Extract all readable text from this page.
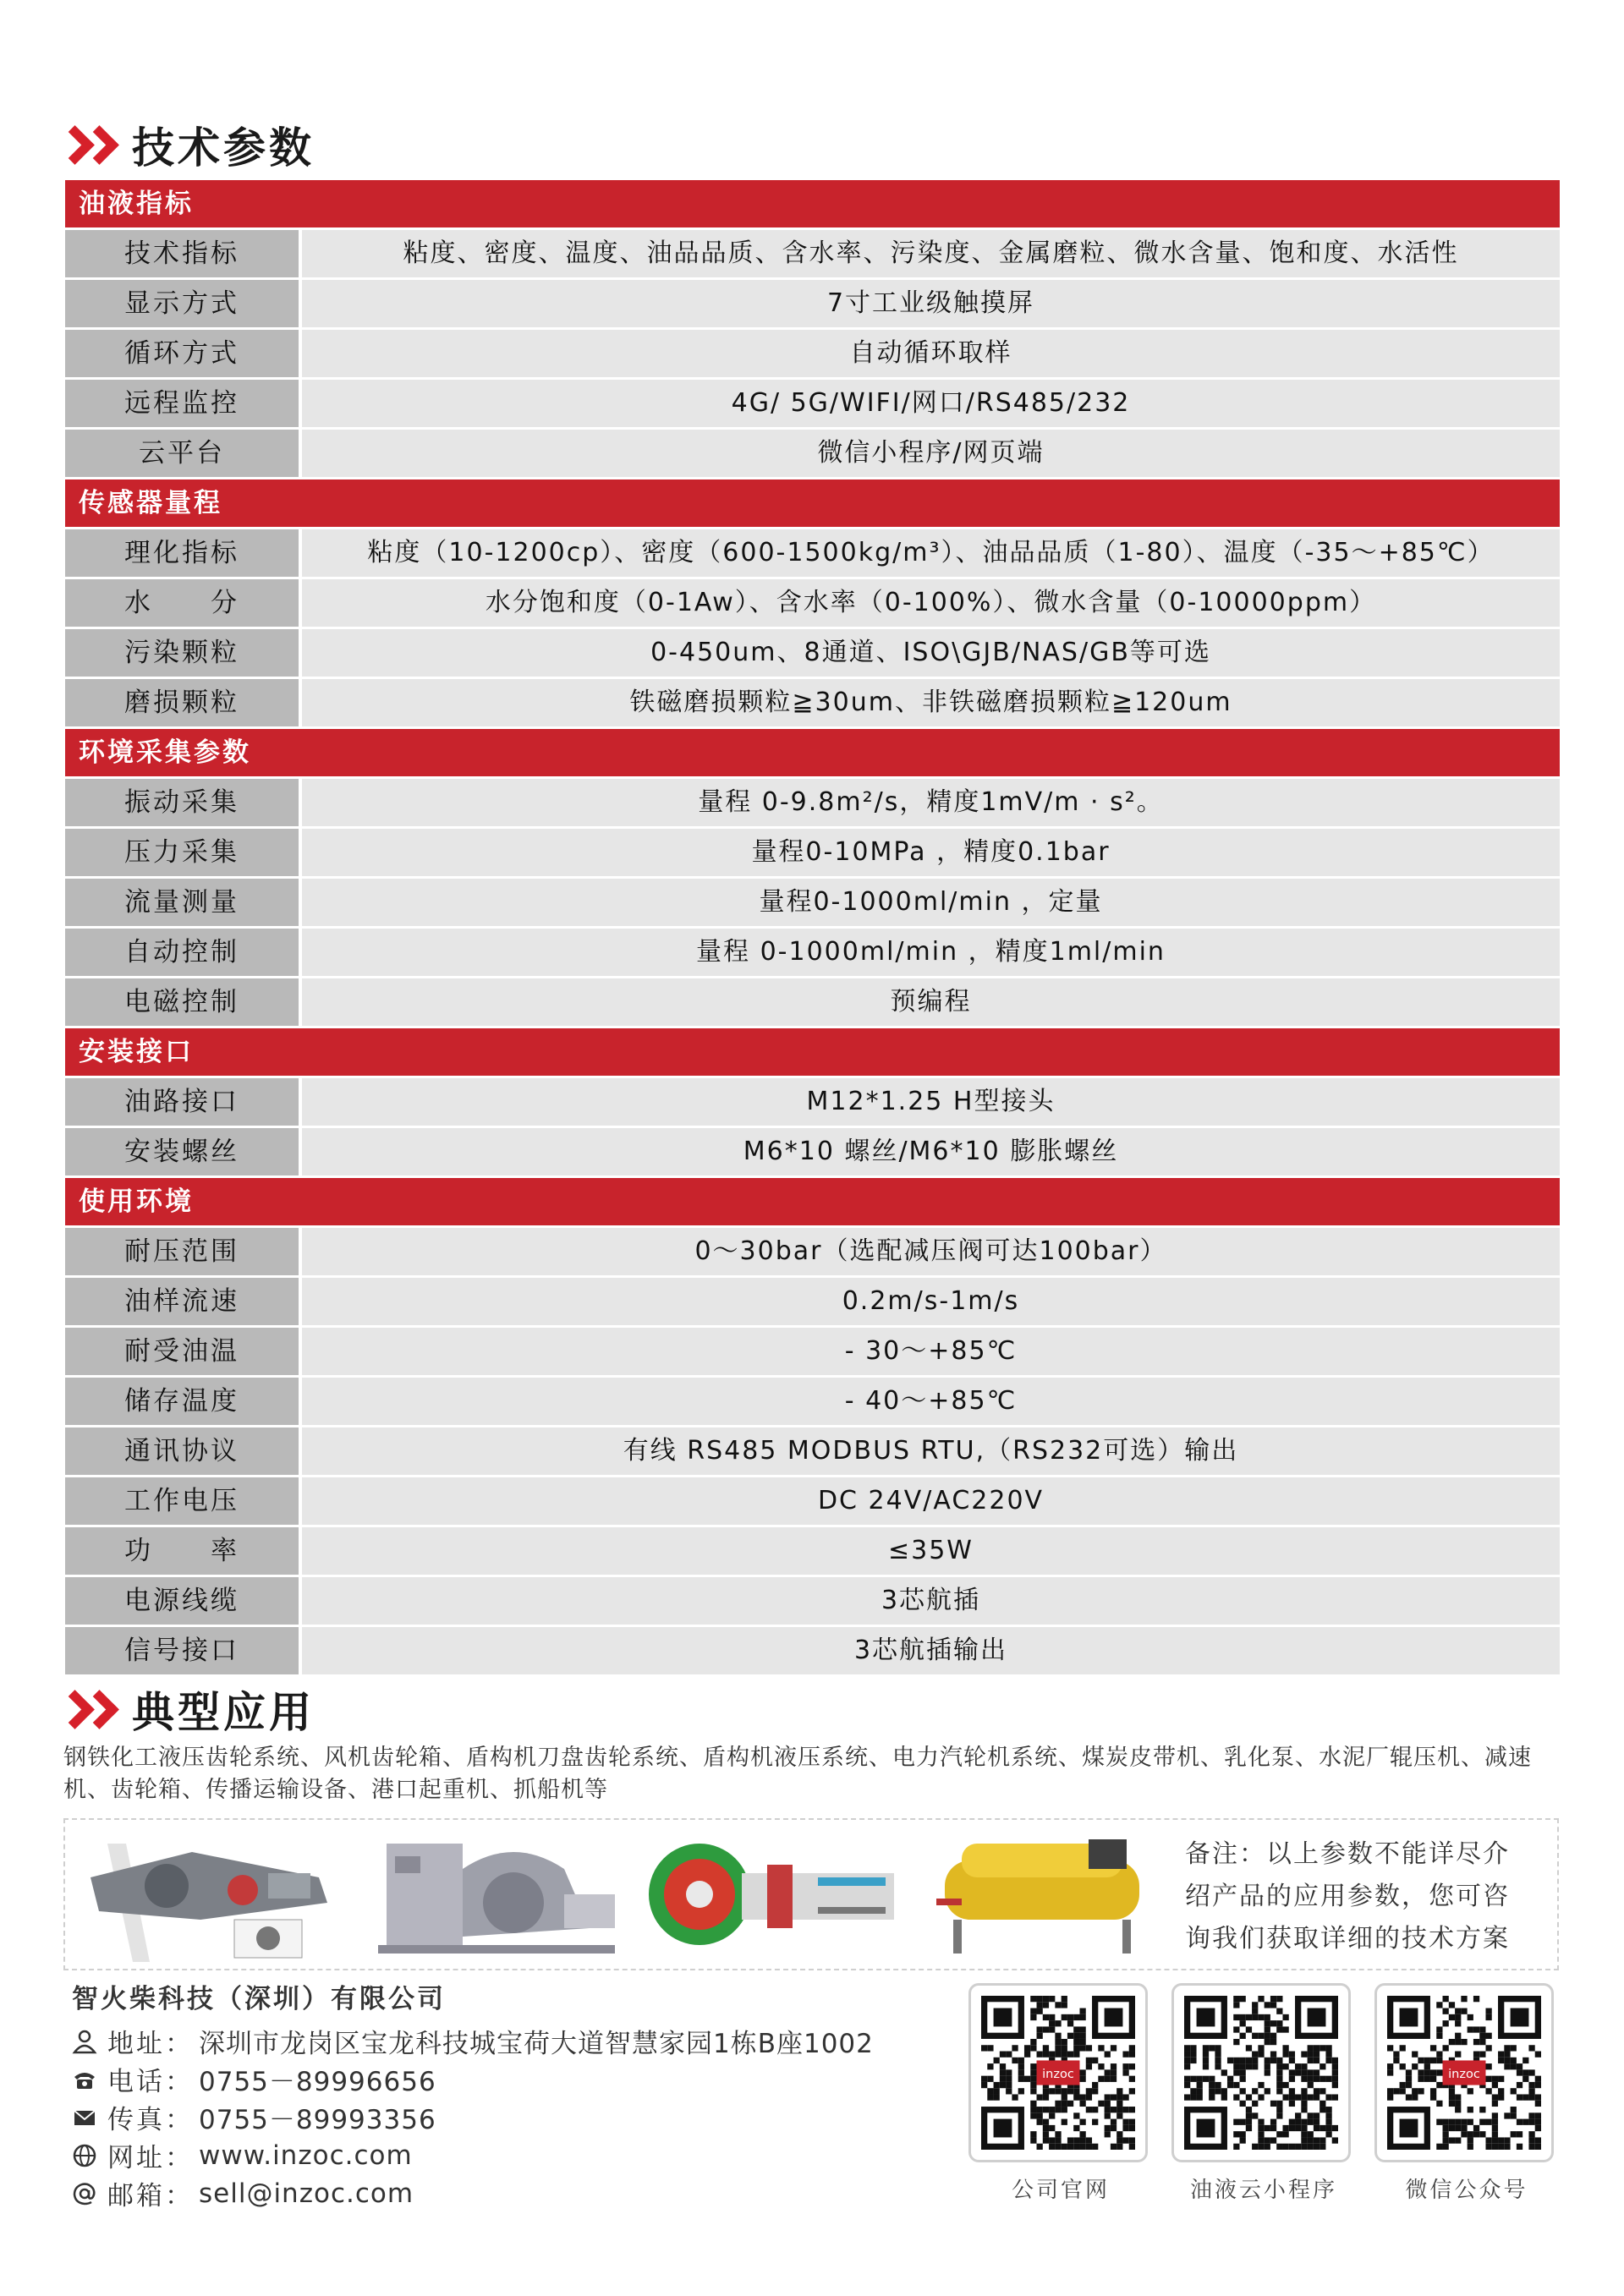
技术参数
油液指标
技术指标	粘度、密度、温度、油品品质、含水率、污染度、金属磨粒、微水含量、饱和度、水活性
显示方式	7寸工业级触摸屏
循环方式	自动循环取样
远程监控	4G/ 5G/WIFI/网口/RS485/232
云平台	微信小程序/网页端
传感器量程
理化指标	粘度（10-1200cp）、密度（600-1500kg/m³）、油品品质（1-80）、温度（-35～+85℃）
水　　分	水分饱和度（0-1Aw）、含水率（0-100%）、微水含量（0-10000ppm）
污染颗粒	0-450um、8通道、ISO\GJB/NAS/GB等可选
磨损颗粒	铁磁磨损颗粒≧30um、非铁磁磨损颗粒≧120um
环境采集参数
振动采集	量程 0-9.8m²/s，精度1mV/m · s²。
压力采集	量程0-10MPa ，精度0.1bar
流量测量	量程0-1000ml/min ，定量
自动控制	量程 0-1000ml/min ，精度1ml/min
电磁控制	预编程
安装接口
油路接口	M12*1.25 H型接头
安装螺丝	M6*10 螺丝/M6*10 膨胀螺丝
使用环境
耐压范围	0～30bar（选配减压阀可达100bar）
油样流速	0.2m/s-1m/s
耐受油温	- 30～+85℃
储存温度	- 40～+85℃
通讯协议	有线 RS485 MODBUS RTU,（RS232可选）输出
工作电压	DC 24V/AC220V
功　　率	≤35W
电源线缆	3芯航插
信号接口	3芯航插输出
典型应用
钢铁化工液压齿轮系统、风机齿轮箱、盾构机刀盘齿轮系统、盾构机液压系统、电力汽轮机系统、煤炭皮带机、乳化泵、水泥厂辊压机、减速机、齿轮箱、传播运输设备、港口起重机、抓船机等
备注：以上参数不能详尽介绍产品的应用参数，您可咨询我们获取详细的技术方案
智火柴科技（深圳）有限公司
地址： 深圳市龙岗区宝龙科技城宝荷大道智慧家园1栋B座1002
电话： 0755－89996656
传真： 0755－89993356
网址： www.inzoc.com
邮箱： sell@inzoc.com
inzoc
公司官网	油液云小程序
inzoc
微信公众号
